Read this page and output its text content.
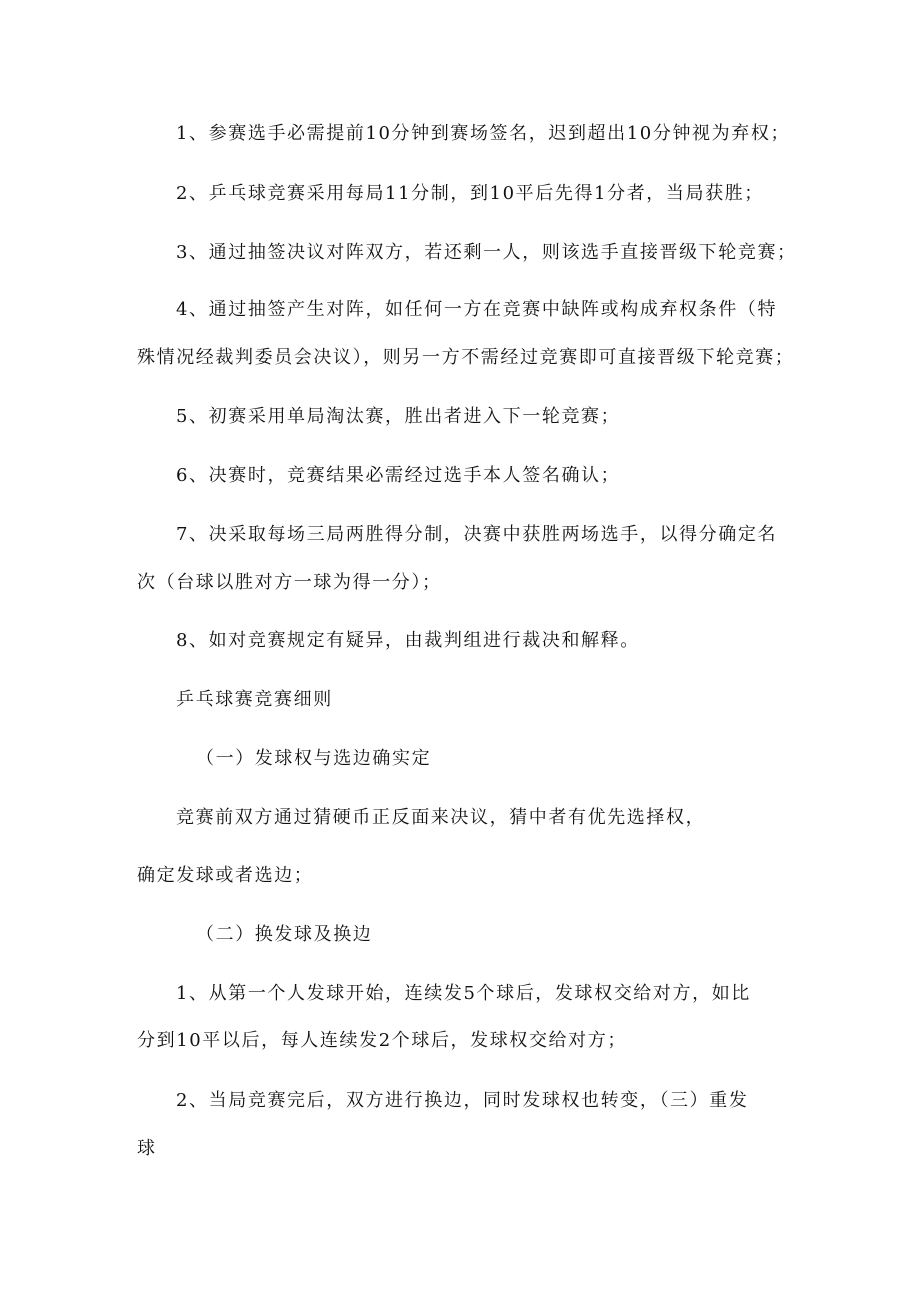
1、参赛选手必需提前10分钟到赛场签名，迟到超出10分钟视为弃权；
2、乒乓球竞赛采用每局11分制，到10平后先得1分者，当局获胜；
3、通过抽签决议对阵双方，若还剩一人，则该选手直接晋级下轮竞赛；
4、通过抽签产生对阵，如任何一方在竞赛中缺阵或构成弃权条件（特
殊情况经裁判委员会决议），则另一方不需经过竞赛即可直接晋级下轮竞赛；
5、初赛采用单局淘汰赛，胜出者进入下一轮竞赛；
6、决赛时，竞赛结果必需经过选手本人签名确认；
7、决采取每场三局两胜得分制，决赛中获胜两场选手，以得分确定名
次（台球以胜对方一球为得一分）；
8、如对竞赛规定有疑异，由裁判组进行裁决和解释。
乒乓球赛竞赛细则
（一）发球权与选边确实定
竞赛前双方通过猜硬币正反面来决议，猜中者有优先选择权，
确定发球或者选边；
（二）换发球及换边
1、从第一个人发球开始，连续发5个球后，发球权交给对方，如比
分到10平以后，每人连续发2个球后，发球权交给对方；
2、当局竞赛完后，双方进行换边，同时发球权也转变，（三）重发
球
